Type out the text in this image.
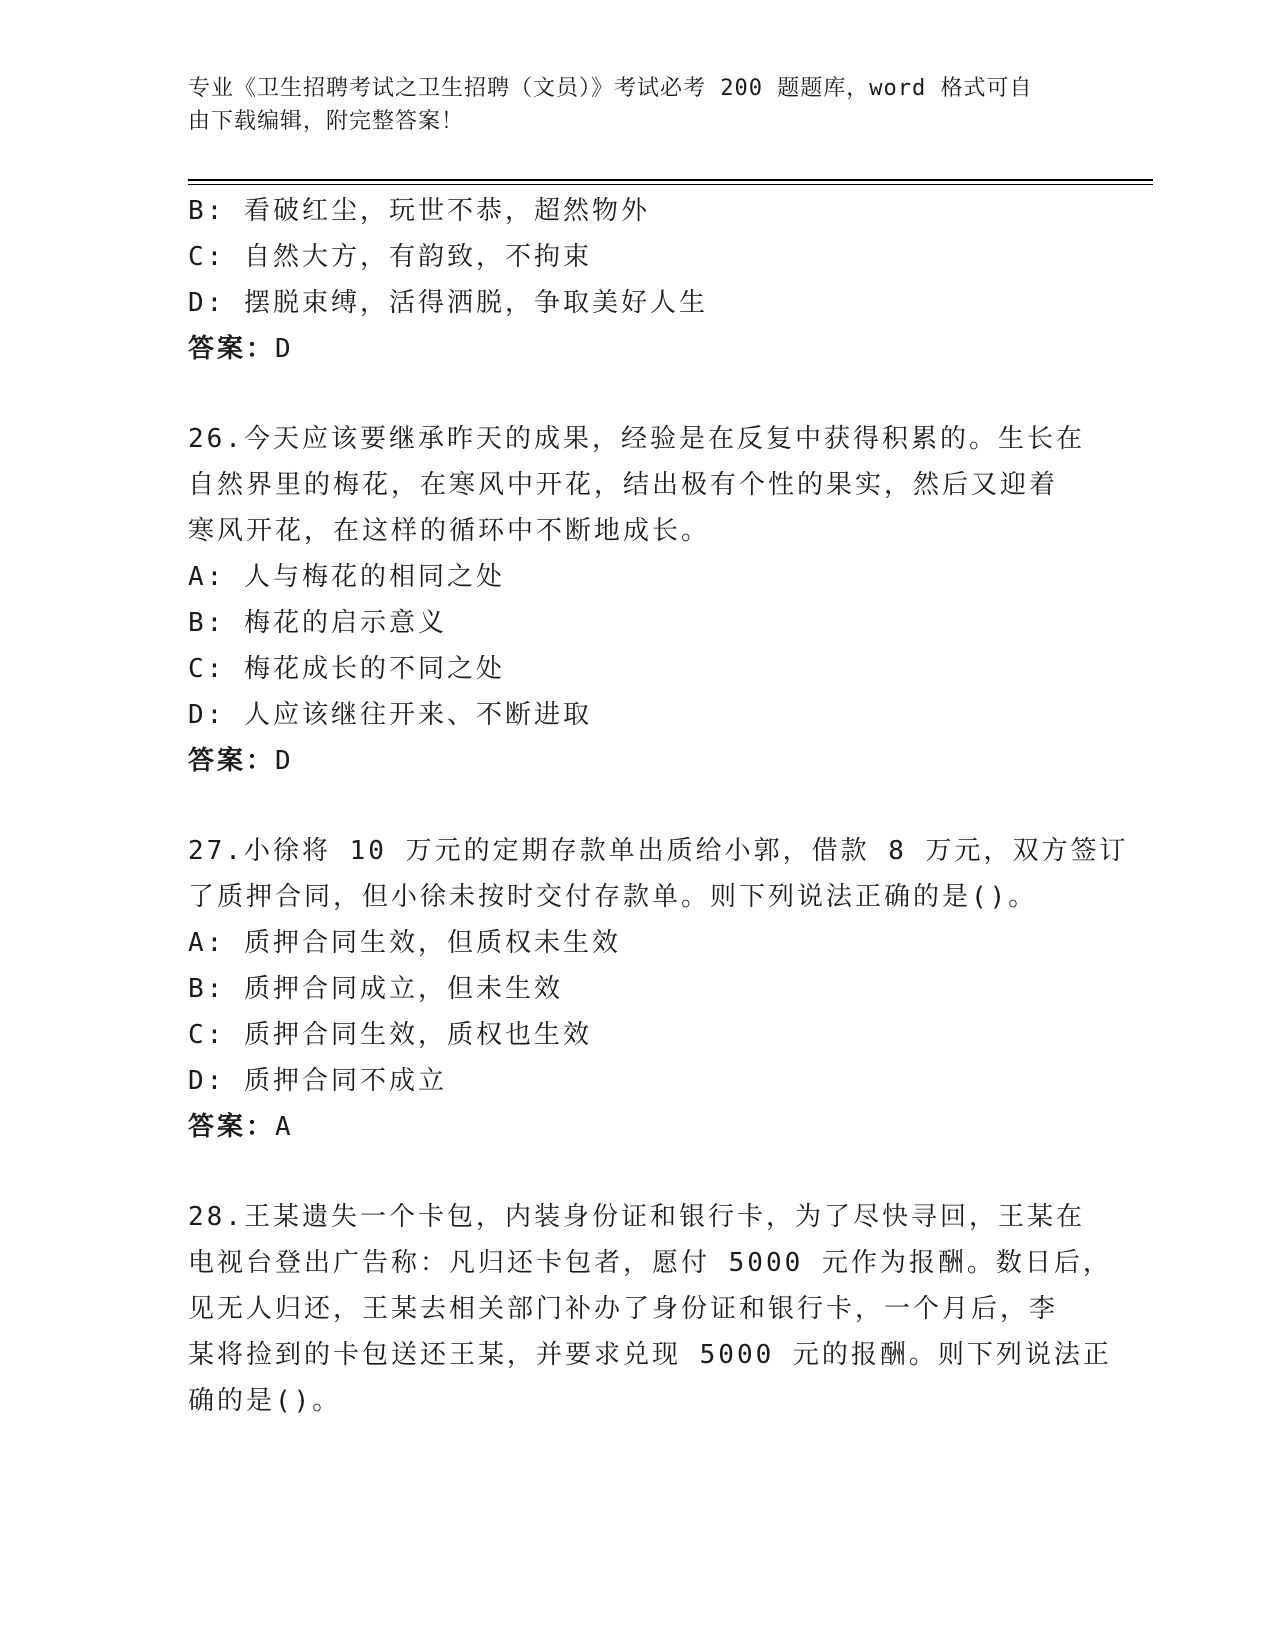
专业《卫生招聘考试之卫生招聘（文员）》考试必考 200 题题库，word 格式可自
由下载编辑，附完整答案！
B: 看破红尘，玩世不恭，超然物外
C: 自然大方，有韵致，不拘束
D: 摆脱束缚，活得洒脱，争取美好人生
答案：D
26.今天应该要继承昨天的成果，经验是在反复中获得积累的。生长在
自然界里的梅花，在寒风中开花，结出极有个性的果实，然后又迎着
寒风开花，在这样的循环中不断地成长。
A: 人与梅花的相同之处
B: 梅花的启示意义
C: 梅花成长的不同之处
D: 人应该继往开来、不断进取
答案：D
27.小徐将 10 万元的定期存款单出质给小郭，借款 8 万元，双方签订
了质押合同，但小徐未按时交付存款单。则下列说法正确的是()。
A: 质押合同生效，但质权未生效
B: 质押合同成立，但未生效
C: 质押合同生效，质权也生效
D: 质押合同不成立
答案：A
28.王某遗失一个卡包，内装身份证和银行卡，为了尽快寻回，王某在
电视台登出广告称：凡归还卡包者，愿付 5000 元作为报酬。数日后，
见无人归还，王某去相关部门补办了身份证和银行卡，一个月后，李
某将捡到的卡包送还王某，并要求兑现 5000 元的报酬。则下列说法正
确的是()。
